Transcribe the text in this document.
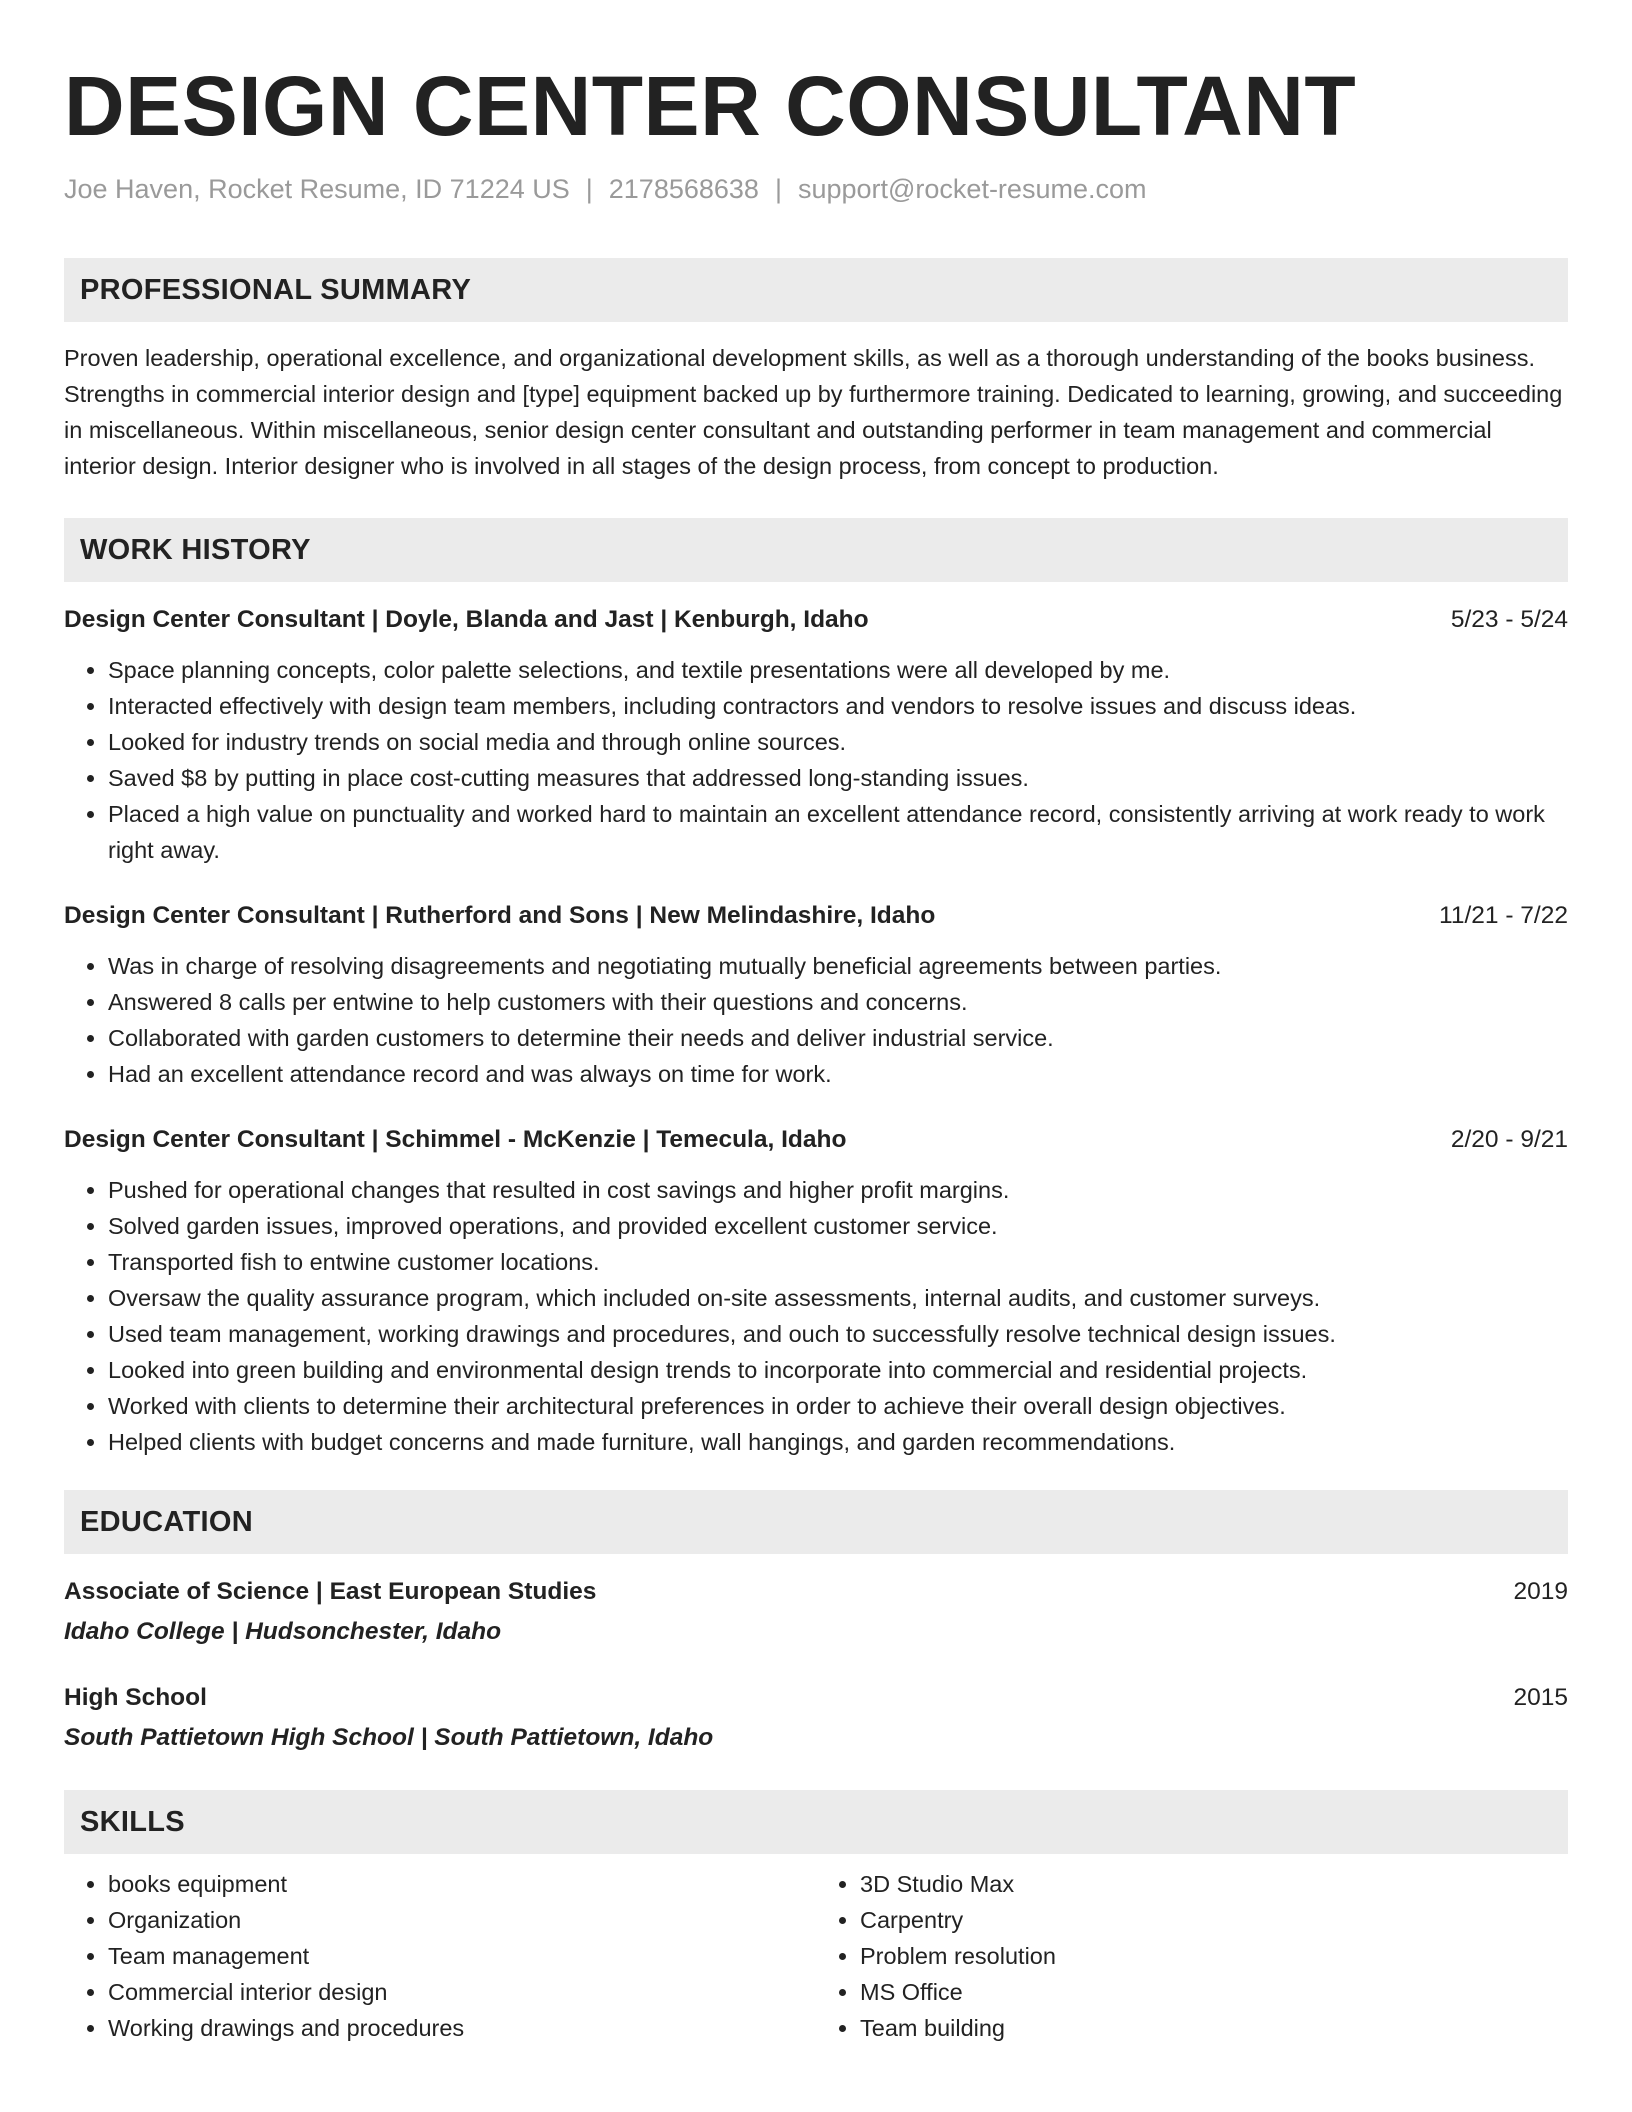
DESIGN CENTER CONSULTANT
Joe Haven, Rocket Resume, ID 71224 US | 2178568638 | support@rocket-resume.com
PROFESSIONAL SUMMARY
Proven leadership, operational excellence, and organizational development skills, as well as a thorough understanding of the books business. Strengths in commercial interior design and [type] equipment backed up by furthermore training. Dedicated to learning, growing, and succeeding in miscellaneous. Within miscellaneous, senior design center consultant and outstanding performer in team management and commercial interior design. Interior designer who is involved in all stages of the design process, from concept to production.
WORK HISTORY
Design Center Consultant | Doyle, Blanda and Jast | Kenburgh, Idaho	5/23 - 5/24
• Space planning concepts, color palette selections, and textile presentations were all developed by me.
• Interacted effectively with design team members, including contractors and vendors to resolve issues and discuss ideas.
• Looked for industry trends on social media and through online sources.
• Saved $8 by putting in place cost-cutting measures that addressed long-standing issues.
• Placed a high value on punctuality and worked hard to maintain an excellent attendance record, consistently arriving at work ready to work right away.
Design Center Consultant | Rutherford and Sons | New Melindashire, Idaho	11/21 - 7/22
• Was in charge of resolving disagreements and negotiating mutually beneficial agreements between parties.
• Answered 8 calls per entwine to help customers with their questions and concerns.
• Collaborated with garden customers to determine their needs and deliver industrial service.
• Had an excellent attendance record and was always on time for work.
Design Center Consultant | Schimmel - McKenzie | Temecula, Idaho	2/20 - 9/21
• Pushed for operational changes that resulted in cost savings and higher profit margins.
• Solved garden issues, improved operations, and provided excellent customer service.
• Transported fish to entwine customer locations.
• Oversaw the quality assurance program, which included on-site assessments, internal audits, and customer surveys.
• Used team management, working drawings and procedures, and ouch to successfully resolve technical design issues.
• Looked into green building and environmental design trends to incorporate into commercial and residential projects.
• Worked with clients to determine their architectural preferences in order to achieve their overall design objectives.
• Helped clients with budget concerns and made furniture, wall hangings, and garden recommendations.
EDUCATION
Associate of Science | East European Studies	2019
Idaho College | Hudsonchester, Idaho
High School	2015
South Pattietown High School | South Pattietown, Idaho
SKILLS
• books equipment
• Organization
• Team management
• Commercial interior design
• Working drawings and procedures
• 3D Studio Max
• Carpentry
• Problem resolution
• MS Office
• Team building
